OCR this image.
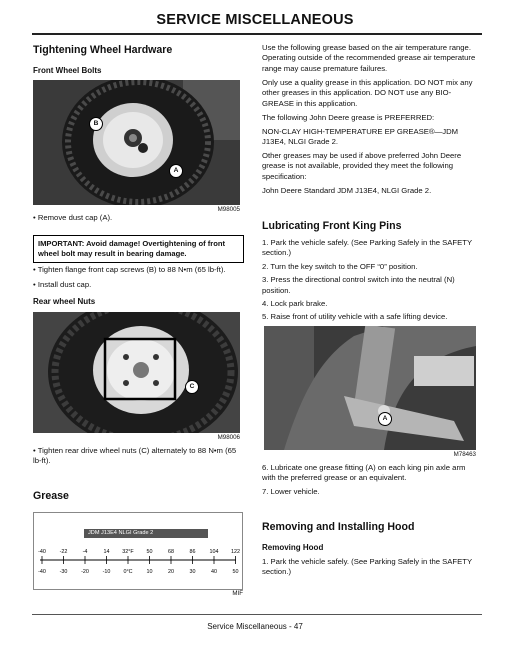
SERVICE MISCELLANEOUS
Tightening Wheel Hardware
Front Wheel Bolts
B
A
M98005
• Remove dust cap (A).
IMPORTANT: Avoid damage! Overtightening of front wheel bolt may result in bearing damage.
• Tighten flange front cap screws (B) to 88 N•m (65 lb-ft).
• Install dust cap.
Rear wheel Nuts
C
M98006
• Tighten rear drive wheel nuts (C) alternately to 88 N•m (65 lb-ft).
Grease
-40	-22	-4	14 32°F 50	68	86	104 122
-40	-30	-20	-10 0°C	10	20	30	40	50
JDM J13E4 NLGI Grade 2
MIF
Use the following grease based on the air temperature range. Operating outside of the recommended grease air temperature range may cause premature failures.
Only use a quality grease in this application. DO NOT mix any other greases in this application. DO NOT use any BIO-GREASE in this application.
The following John Deere grease is PREFERRED:
NON-CLAY HIGH-TEMPERATURE EP GREASE®—JDM J13E4, NLGI Grade 2.
Other greases may be used if above preferred John Deere grease is not available, provided they meet the following specification:
John Deere Standard JDM J13E4, NLGI Grade 2.
Lubricating Front King Pins
1. Park the vehicle safely. (See Parking Safely in the SAFETY section.)
2. Turn the key switch to the OFF “0” position.
3. Press the directional control switch into the neutral (N) position.
4. Lock park brake.
5. Raise front of utility vehicle with a safe lifting device.
A
M78463
6. Lubricate one grease fitting (A) on each king pin axle arm with the preferred grease or an equivalent.
7. Lower vehicle.
Removing and Installing Hood
Removing Hood
1. Park the vehicle safely. (See Parking Safely in the SAFETY section.)
Service Miscellaneous - 47
